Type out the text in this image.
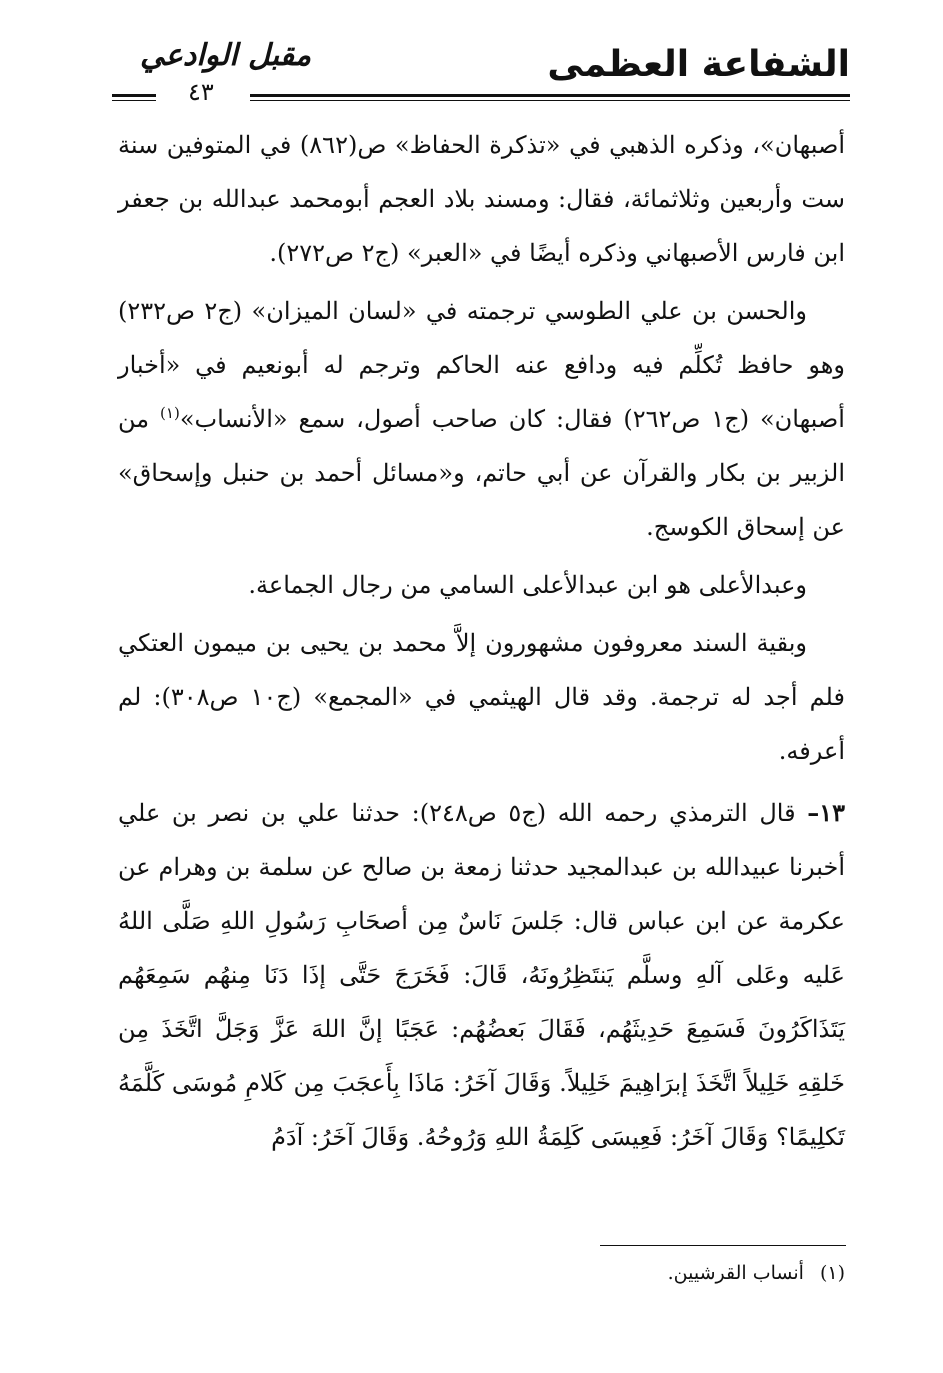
الشفاعة العظمى
مقبل الوادعي
٤٣

أصبهان»، وذكره الذهبي في «تذكرة الحفاظ» ص(٨٦٢) في المتوفين سنة ست وأربعين وثلاثمائة، فقال: ومسند بلاد العجم أبومحمد عبدالله بن جعفر ابن فارس الأصبهاني وذكره أيضًا في «العبر» (ج٢ ص٢٧٢).

والحسن بن علي الطوسي ترجمته في «لسان الميزان» (ج٢ ص٢٣٢) وهو حافظ تُكلِّم فيه ودافع عنه الحاكم وترجم له أبونعيم في «أخبار أصبهان» (ج١ ص٢٦٢) فقال: كان صاحب أصول، سمع «الأنساب»$^{(١)}$ من الزبير بن بكار والقرآن عن أبي حاتم، و«مسائل أحمد بن حنبل وإسحاق» عن إسحاق الكوسج.

وعبدالأعلى هو ابن عبدالأعلى السامي من رجال الجماعة.

وبقية السند معروفون مشهورون إلاَّ محمد بن يحيى بن ميمون العتكي فلم أجد له ترجمة. وقد قال الهيثمي في «المجمع» (ج١٠ ص٣٠٨): لم أعرفه.

١٣– قال الترمذي رحمه الله (ج٥ ص٢٤٨): حدثنا علي بن نصر بن علي أخبرنا عبيدالله بن عبدالمجيد حدثنا زمعة بن صالح عن سلمة بن وهرام عن عكرمة عن ابن عباس قال: جَلسَ نَاسٌ مِن أصحَابِ رَسُولِ اللهِ صَلَّى اللهُ عَليه وعَلى آلهِ وسلَّم يَنتَظِرُونَهُ، قَالَ: فَخَرَجَ حَتَّى إذَا دَنَا مِنهُم سَمِعَهُم يَتَذَاكَرُونَ فَسَمِعَ حَدِيثَهُم، فَقَالَ بَعضُهُم: عَجَبًا إنَّ اللهَ عَزَّ وَجَلَّ اتَّخَذَ مِن خَلقِهِ خَلِيلاً اتَّخَذَ إبرَاهِيمَ خَلِيلاً. وَقَالَ آخَرُ: مَاذَا بِأَعجَبَ مِن كَلامِ مُوسَى كَلَّمَهُ تَكلِيمًا؟ وَقَالَ آخَرُ: فَعِيسَى كَلِمَةُ اللهِ وَرُوحُهُ. وَقَالَ آخَرُ: آدَمُ

(١)أنساب القرشيين.
